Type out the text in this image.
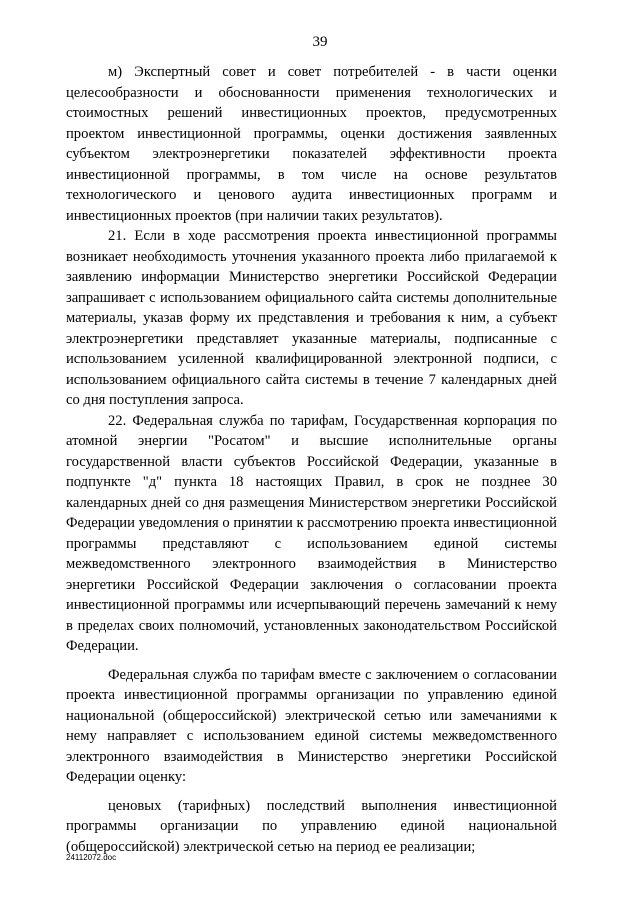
39

м) Экспертный совет и совет потребителей - в части оценки целесообразности и обоснованности применения технологических и стоимостных решений инвестиционных проектов, предусмотренных проектом инвестиционной программы, оценки достижения заявленных субъектом электроэнергетики показателей эффективности проекта инвестиционной программы, в том числе на основе результатов технологического и ценового аудита инвестиционных программ и инвестиционных проектов (при наличии таких результатов).

21. Если в ходе рассмотрения проекта инвестиционной программы возникает необходимость уточнения указанного проекта либо прилагаемой к заявлению информации Министерство энергетики Российской Федерации запрашивает с использованием официального сайта системы дополнительные материалы, указав форму их представления и требования к ним, а субъект электроэнергетики представляет указанные материалы, подписанные с использованием усиленной квалифицированной электронной подписи, с использованием официального сайта системы в течение 7 календарных дней со дня поступления запроса.

22. Федеральная служба по тарифам, Государственная корпорация по атомной энергии "Росатом" и высшие исполнительные органы государственной власти субъектов Российской Федерации, указанные в подпункте "д" пункта 18 настоящих Правил, в срок не позднее 30 календарных дней со дня размещения Министерством энергетики Российской Федерации уведомления о принятии к рассмотрению проекта инвестиционной программы представляют с использованием единой системы межведомственного электронного взаимодействия в Министерство энергетики Российской Федерации заключения о согласовании проекта инвестиционной программы или исчерпывающий перечень замечаний к нему в пределах своих полномочий, установленных законодательством Российской Федерации.

Федеральная служба по тарифам вместе с заключением о согласовании проекта инвестиционной программы организации по управлению единой национальной (общероссийской) электрической сетью или замечаниями к нему направляет с использованием единой системы межведомственного электронного взаимодействия в Министерство энергетики Российской Федерации оценку:

ценовых (тарифных) последствий выполнения инвестиционной программы организации по управлению единой национальной (общероссийской) электрической сетью на период ее реализации;

24112072.doc
